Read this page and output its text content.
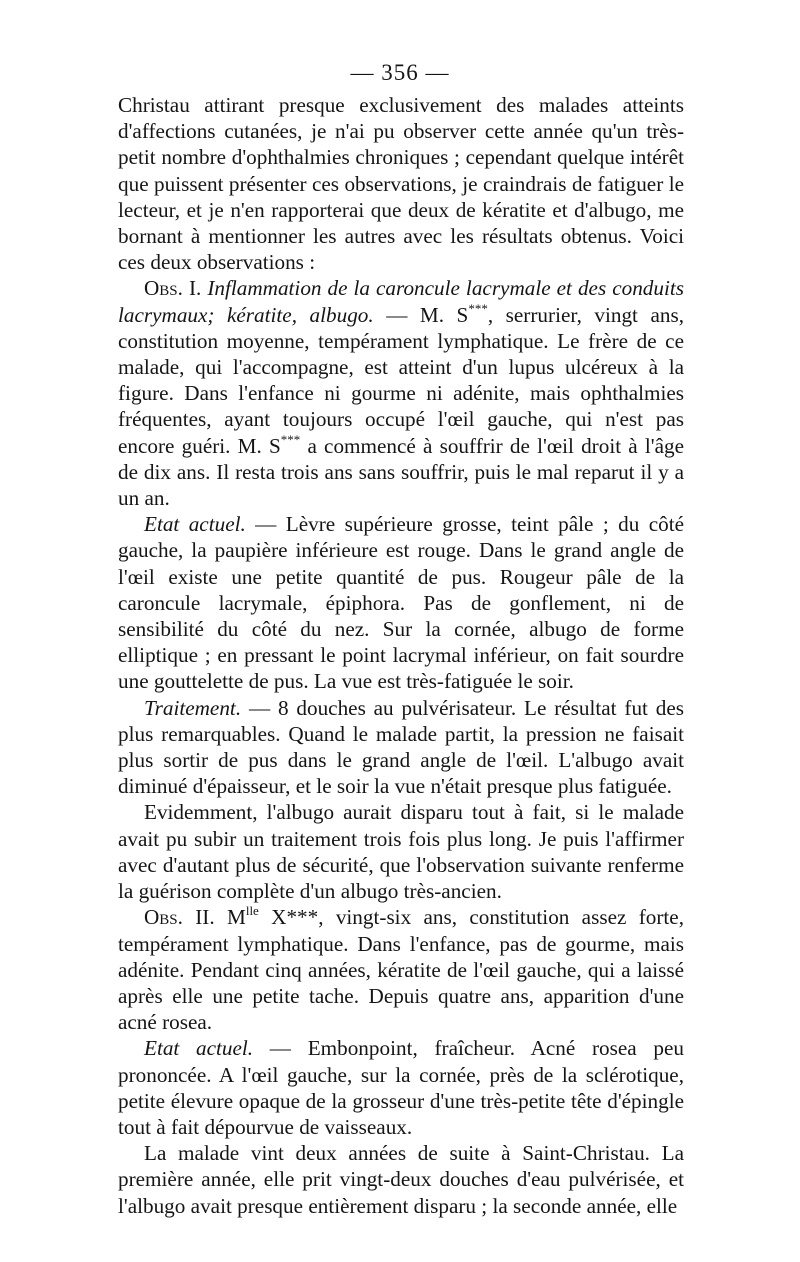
— 356 —

Christau attirant presque exclusivement des malades atteints d'affections cutanées, je n'ai pu observer cette année qu'un très-petit nombre d'ophthalmies chroniques ; cependant quelque intérêt que puissent présenter ces observations, je craindrais de fatiguer le lecteur, et je n'en rapporterai que deux de kératite et d'albugo, me bornant à mentionner les autres avec les résultats obtenus. Voici ces deux observations :

Obs. I. Inflammation de la caroncule lacrymale et des conduits lacrymaux; kératite, albugo. — M. S***, serrurier, vingt ans, constitution moyenne, tempérament lymphatique. Le frère de ce malade, qui l'accompagne, est atteint d'un lupus ulcéreux à la figure. Dans l'enfance ni gourme ni adénite, mais ophthalmies fréquentes, ayant toujours occupé l'œil gauche, qui n'est pas encore guéri. M. S*** a commencé à souffrir de l'œil droit à l'âge de dix ans. Il resta trois ans sans souffrir, puis le mal reparut il y a un an.

Etat actuel. — Lèvre supérieure grosse, teint pâle ; du côté gauche, la paupière inférieure est rouge. Dans le grand angle de l'œil existe une petite quantité de pus. Rougeur pâle de la caroncule lacrymale, épiphora. Pas de gonflement, ni de sensibilité du côté du nez. Sur la cornée, albugo de forme elliptique ; en pressant le point lacrymal inférieur, on fait sourdre une gouttelette de pus. La vue est très-fatiguée le soir.

Traitement. — 8 douches au pulvérisateur. Le résultat fut des plus remarquables. Quand le malade partit, la pression ne faisait plus sortir de pus dans le grand angle de l'œil. L'albugo avait diminué d'épaisseur, et le soir la vue n'était presque plus fatiguée.

Evidemment, l'albugo aurait disparu tout à fait, si le malade avait pu subir un traitement trois fois plus long. Je puis l'affirmer avec d'autant plus de sécurité, que l'observation suivante renferme la guérison complète d'un albugo très-ancien.

Obs. II. $M^{lle}$ X***, vingt-six ans, constitution assez forte, tempérament lymphatique. Dans l'enfance, pas de gourme, mais adénite. Pendant cinq années, kératite de l'œil gauche, qui a laissé après elle une petite tache. Depuis quatre ans, apparition d'une acné rosea.

Etat actuel. — Embonpoint, fraîcheur. Acné rosea peu prononcée. A l'œil gauche, sur la cornée, près de la sclérotique, petite élevure opaque de la grosseur d'une très-petite tête d'épingle tout à fait dépourvue de vaisseaux.

La malade vint deux années de suite à Saint-Christau. La première année, elle prit vingt-deux douches d'eau pulvérisée, et l'albugo avait presque entièrement disparu ; la seconde année, elle
